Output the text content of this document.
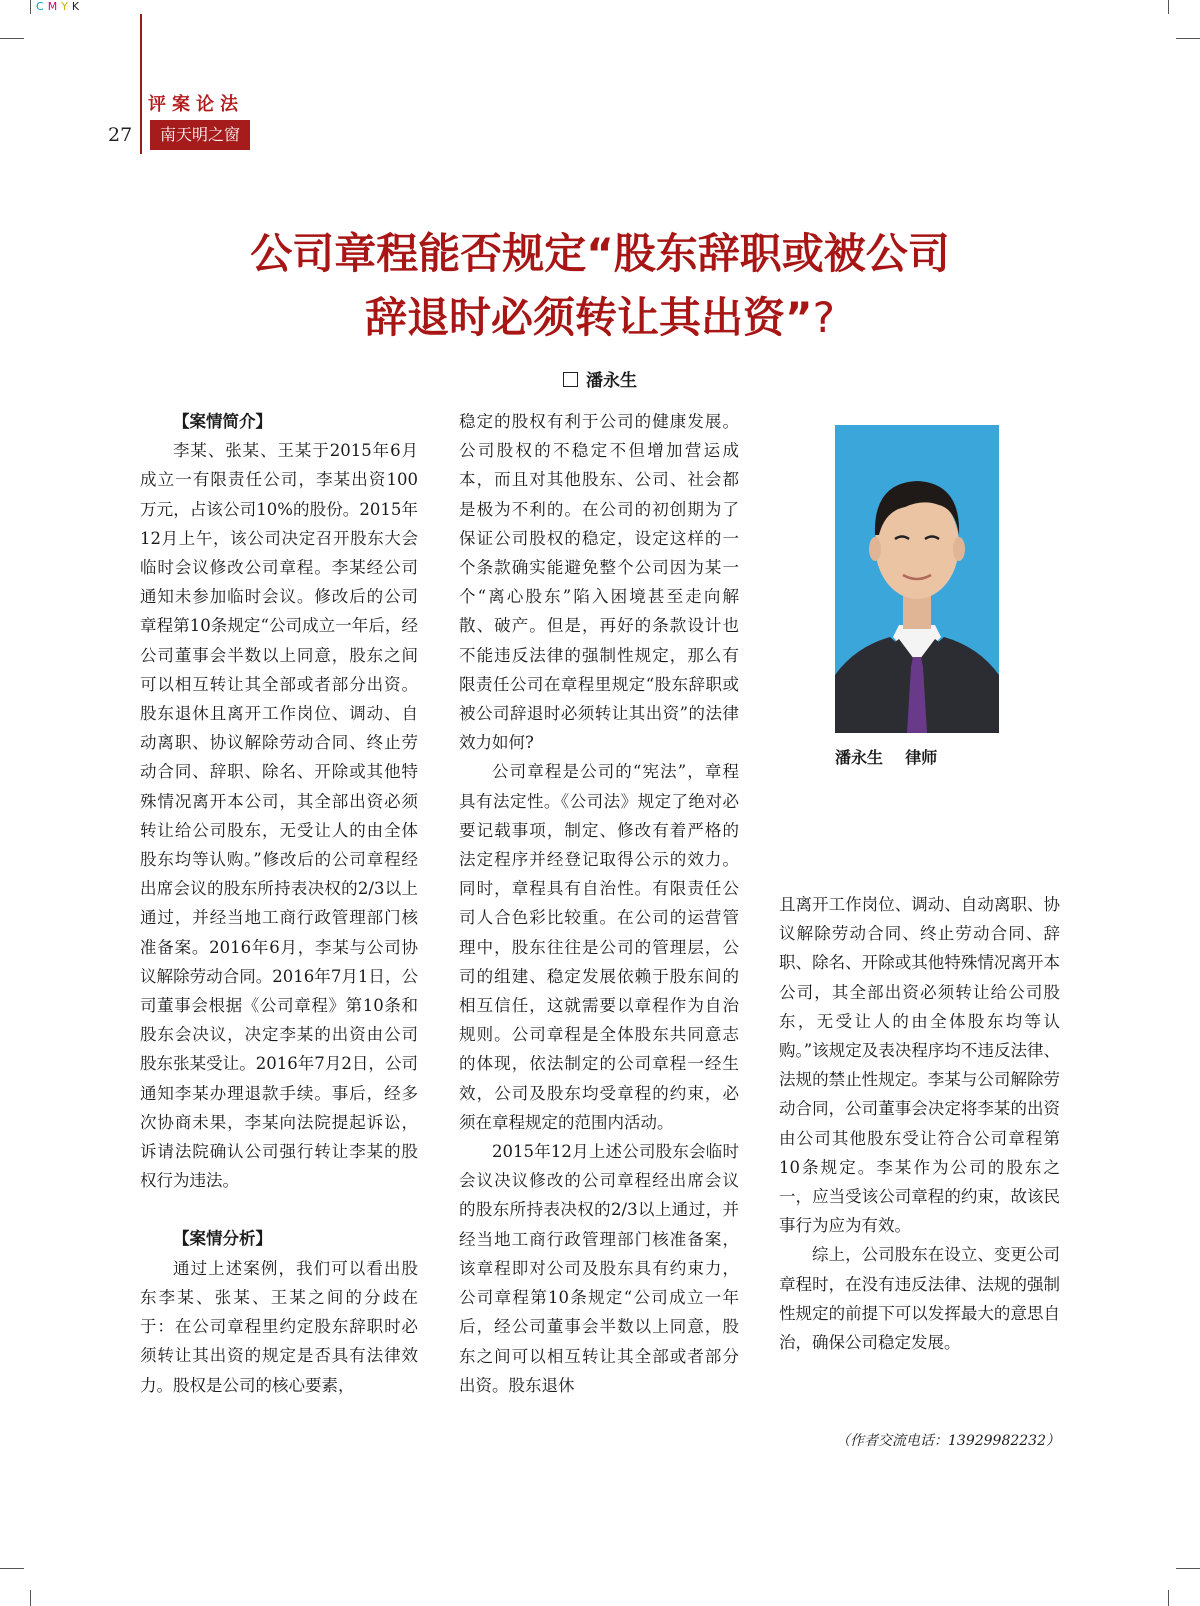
CMYK
评案论法
27	南天明之窗
公司章程能否规定“股东辞职或被公司
辞退时必须转让其出资”?
潘永生

【案情简介】

李某、张某、王某于2015年6月成立一有限责任公司，李某出资100万元，占该公司10%的股份。2015年12月上午，该公司决定召开股东大会临时会议修改公司章程。李某经公司通知未参加临时会议。修改后的公司章程第10条规定“公司成立一年后，经公司董事会半数以上同意，股东之间可以相互转让其全部或者部分出资。股东退休且离开工作岗位、调动、自动离职、协议解除劳动合同、终止劳动合同、辞职、除名、开除或其他特殊情况离开本公司，其全部出资必须转让给公司股东，无受让人的由全体股东均等认购。”修改后的公司章程经出席会议的股东所持表决权的2/3以上通过，并经当地工商行政管理部门核准备案。2016年6月，李某与公司协议解除劳动合同。2016年7月1日，公司董事会根据《公司章程》第10条和股东会决议，决定李某的出资由公司股东张某受让。2016年7月2日，公司通知李某办理退款手续。事后，经多次协商未果，李某向法院提起诉讼，诉请法院确认公司强行转让李某的股权行为违法。

【案情分析】

通过上述案例，我们可以看出股东李某、张某、王某之间的分歧在于：在公司章程里约定股东辞职时必须转让其出资的规定是否具有法律效力。股权是公司的核心要素，

稳定的股权有利于公司的健康发展。公司股权的不稳定不但增加营运成本，而且对其他股东、公司、社会都是极为不利的。在公司的初创期为了保证公司股权的稳定，设定这样的一个条款确实能避免整个公司因为某一个“离心股东”陷入困境甚至走向解散、破产。但是，再好的条款设计也不能违反法律的强制性规定，那么有限责任公司在章程里规定“股东辞职或被公司辞退时必须转让其出资”的法律效力如何?

公司章程是公司的“宪法”，章程具有法定性。《公司法》规定了绝对必要记载事项，制定、修改有着严格的法定程序并经登记取得公示的效力。同时，章程具有自治性。有限责任公司人合色彩比较重。在公司的运营管理中，股东往往是公司的管理层，公司的组建、稳定发展依赖于股东间的相互信任，这就需要以章程作为自治规则。公司章程是全体股东共同意志的体现，依法制定的公司章程一经生效，公司及股东均受章程的约束，必须在章程规定的范围内活动。

2015年12月上述公司股东会临时会议决议修改的公司章程经出席会议的股东所持表决权的2/3以上通过，并经当地工商行政管理部门核准备案，该章程即对公司及股东具有约束力，公司章程第10条规定“公司成立一年后，经公司董事会半数以上同意，股东之间可以相互转让其全部或者部分出资。股东退休

潘永生    律师

且离开工作岗位、调动、自动离职、协议解除劳动合同、终止劳动合同、辞职、除名、开除或其他特殊情况离开本公司，其全部出资必须转让给公司股东，无受让人的由全体股东均等认购。”该规定及表决程序均不违反法律、法规的禁止性规定。李某与公司解除劳动合同，公司董事会决定将李某的出资由公司其他股东受让符合公司章程第10条规定。李某作为公司的股东之一，应当受该公司章程的约束，故该民事行为应为有效。

综上，公司股东在设立、变更公司章程时，在没有违反法律、法规的强制性规定的前提下可以发挥最大的意思自治，确保公司稳定发展。

（作者交流电话：13929982232）
